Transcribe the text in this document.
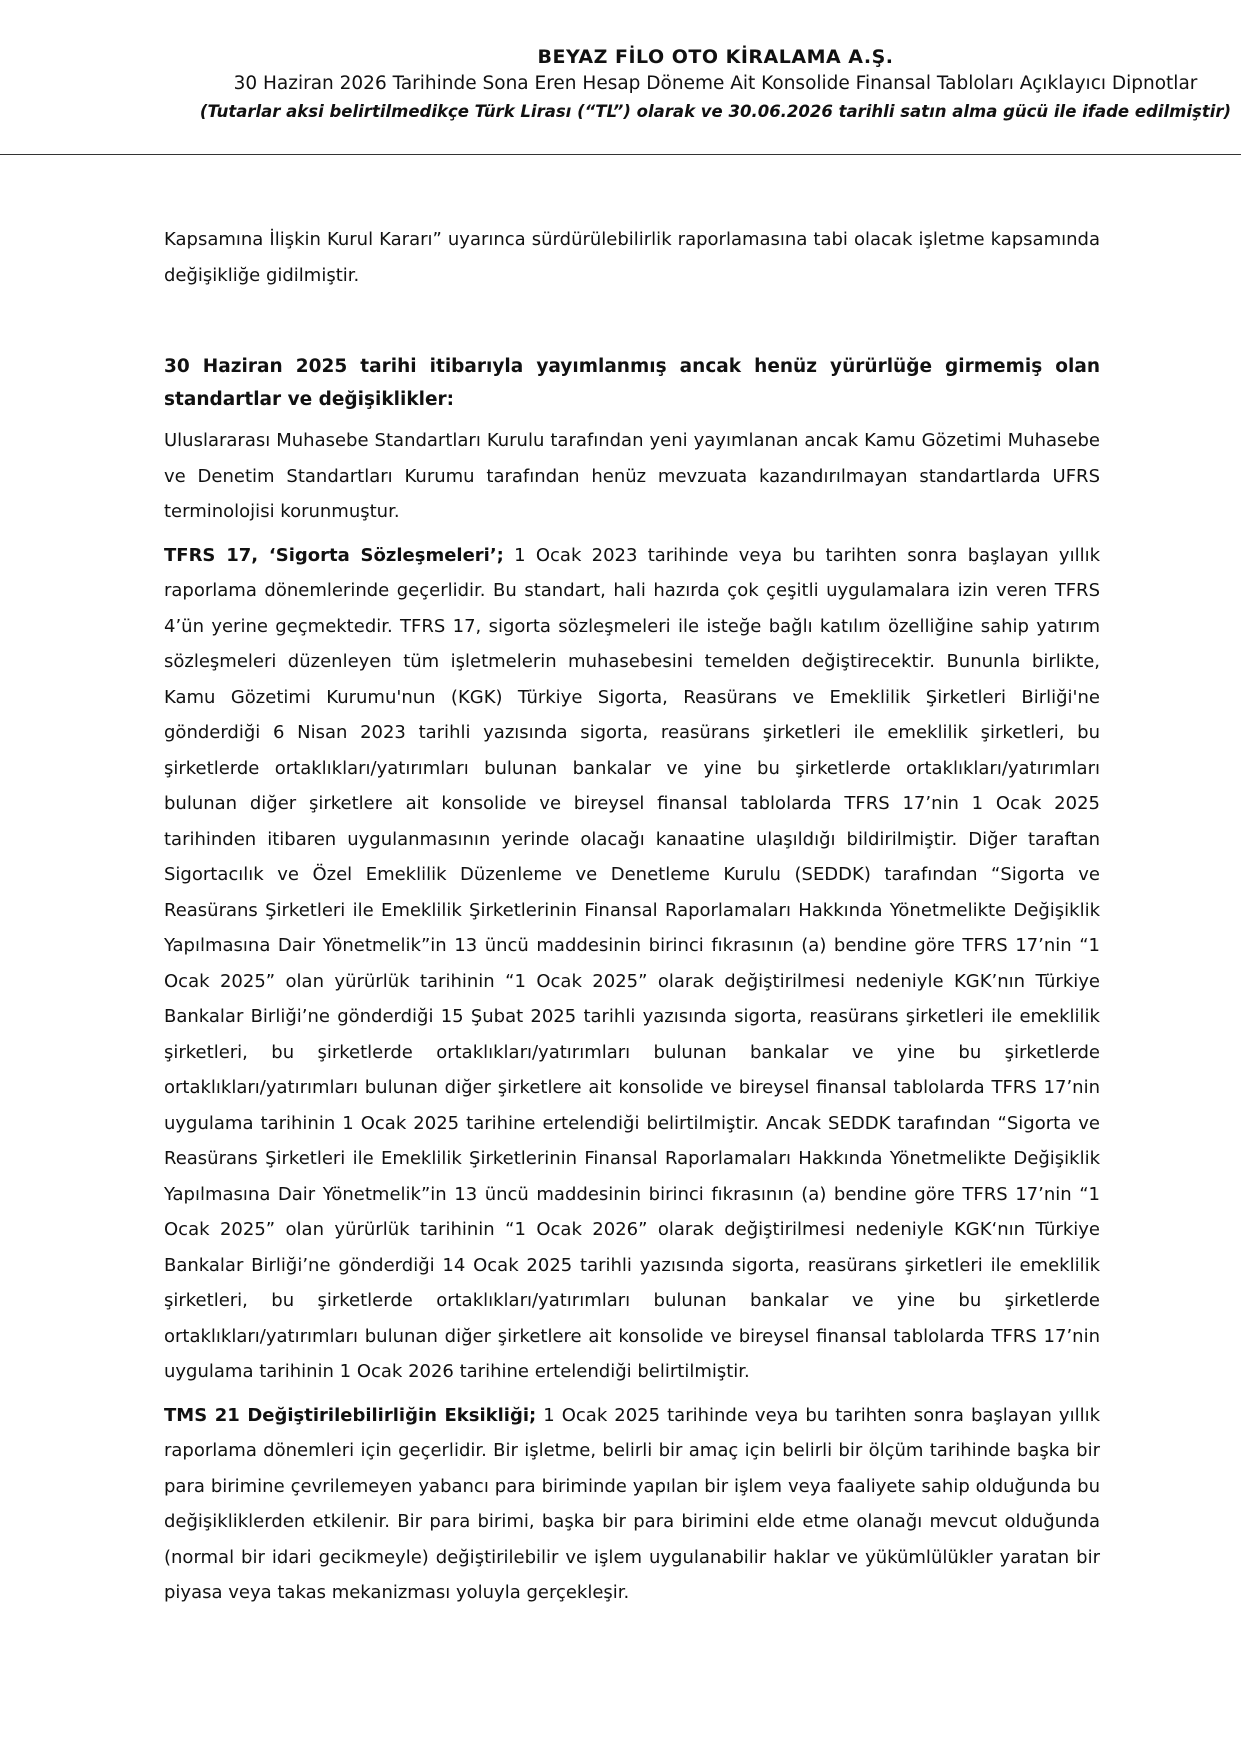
BEYAZ FİLO OTO KİRALAMA A.Ş.
30 Haziran 2026 Tarihinde Sona Eren Hesap Döneme Ait Konsolide Finansal Tabloları Açıklayıcı Dipnotlar
(Tutarlar aksi belirtilmedikçe Türk Lirası (“TL”) olarak ve 30.06.2026 tarihli satın alma gücü ile ifade edilmiştir)

Kapsamına İlişkin Kurul Kararı” uyarınca sürdürülebilirlik raporlamasına tabi olacak işletme kapsamında değişikliğe gidilmiştir.

30 Haziran 2025 tarihi itibarıyla yayımlanmış ancak henüz yürürlüğe girmemiş olan standartlar ve değişiklikler:

Uluslararası Muhasebe Standartları Kurulu tarafından yeni yayımlanan ancak Kamu Gözetimi Muhasebe ve Denetim Standartları Kurumu tarafından henüz mevzuata kazandırılmayan standartlarda UFRS terminolojisi korunmuştur.

TFRS 17, ‘Sigorta Sözleşmeleri’; 1 Ocak 2023 tarihinde veya bu tarihten sonra başlayan yıllık raporlama dönemlerinde geçerlidir. Bu standart, hali hazırda çok çeşitli uygulamalara izin veren TFRS 4’ün yerine geçmektedir. TFRS 17, sigorta sözleşmeleri ile isteğe bağlı katılım özelliğine sahip yatırım sözleşmeleri düzenleyen tüm işletmelerin muhasebesini temelden değiştirecektir. Bununla birlikte, Kamu Gözetimi Kurumu'nun (KGK) Türkiye Sigorta, Reasürans ve Emeklilik Şirketleri Birliği'ne gönderdiği 6 Nisan 2023 tarihli yazısında sigorta, reasürans şirketleri ile emeklilik şirketleri, bu şirketlerde ortaklıkları/yatırımları bulunan bankalar ve yine bu şirketlerde ortaklıkları/yatırımları bulunan diğer şirketlere ait konsolide ve bireysel finansal tablolarda TFRS 17’nin 1 Ocak 2025 tarihinden itibaren uygulanmasının yerinde olacağı kanaatine ulaşıldığı bildirilmiştir. Diğer taraftan Sigortacılık ve Özel Emeklilik Düzenleme ve Denetleme Kurulu (SEDDK) tarafından “Sigorta ve Reasürans Şirketleri ile Emeklilik Şirketlerinin Finansal Raporlamaları Hakkında Yönetmelikte Değişiklik Yapılmasına Dair Yönetmelik”in 13 üncü maddesinin birinci fıkrasının (a) bendine göre TFRS 17’nin “1 Ocak 2025” olan yürürlük tarihinin “1 Ocak 2025” olarak değiştirilmesi nedeniyle KGK’nın Türkiye Bankalar Birliği’ne gönderdiği 15 Şubat 2025 tarihli yazısında sigorta, reasürans şirketleri ile emeklilik şirketleri, bu şirketlerde ortaklıkları/yatırımları bulunan bankalar ve yine bu şirketlerde ortaklıkları/yatırımları bulunan diğer şirketlere ait konsolide ve bireysel finansal tablolarda TFRS 17’nin uygulama tarihinin 1 Ocak 2025 tarihine ertelendiği belirtilmiştir. Ancak SEDDK tarafından “Sigorta ve Reasürans Şirketleri ile Emeklilik Şirketlerinin Finansal Raporlamaları Hakkında Yönetmelikte Değişiklik Yapılmasına Dair Yönetmelik”in 13 üncü maddesinin birinci fıkrasının (a) bendine göre TFRS 17’nin “1 Ocak 2025” olan yürürlük tarihinin “1 Ocak 2026” olarak değiştirilmesi nedeniyle KGK‘nın Türkiye Bankalar Birliği’ne gönderdiği 14 Ocak 2025 tarihli yazısında sigorta, reasürans şirketleri ile emeklilik şirketleri, bu şirketlerde ortaklıkları/yatırımları bulunan bankalar ve yine bu şirketlerde ortaklıkları/yatırımları bulunan diğer şirketlere ait konsolide ve bireysel finansal tablolarda TFRS 17’nin uygulama tarihinin 1 Ocak 2026 tarihine ertelendiği belirtilmiştir.

TMS 21 Değiştirilebilirliğin Eksikliği; 1 Ocak 2025 tarihinde veya bu tarihten sonra başlayan yıllık raporlama dönemleri için geçerlidir. Bir işletme, belirli bir amaç için belirli bir ölçüm tarihinde başka bir para birimine çevrilemeyen yabancı para biriminde yapılan bir işlem veya faaliyete sahip olduğunda bu değişikliklerden etkilenir. Bir para birimi, başka bir para birimini elde etme olanağı mevcut olduğunda (normal bir idari gecikmeyle) değiştirilebilir ve işlem uygulanabilir haklar ve yükümlülükler yaratan bir piyasa veya takas mekanizması yoluyla gerçekleşir.
